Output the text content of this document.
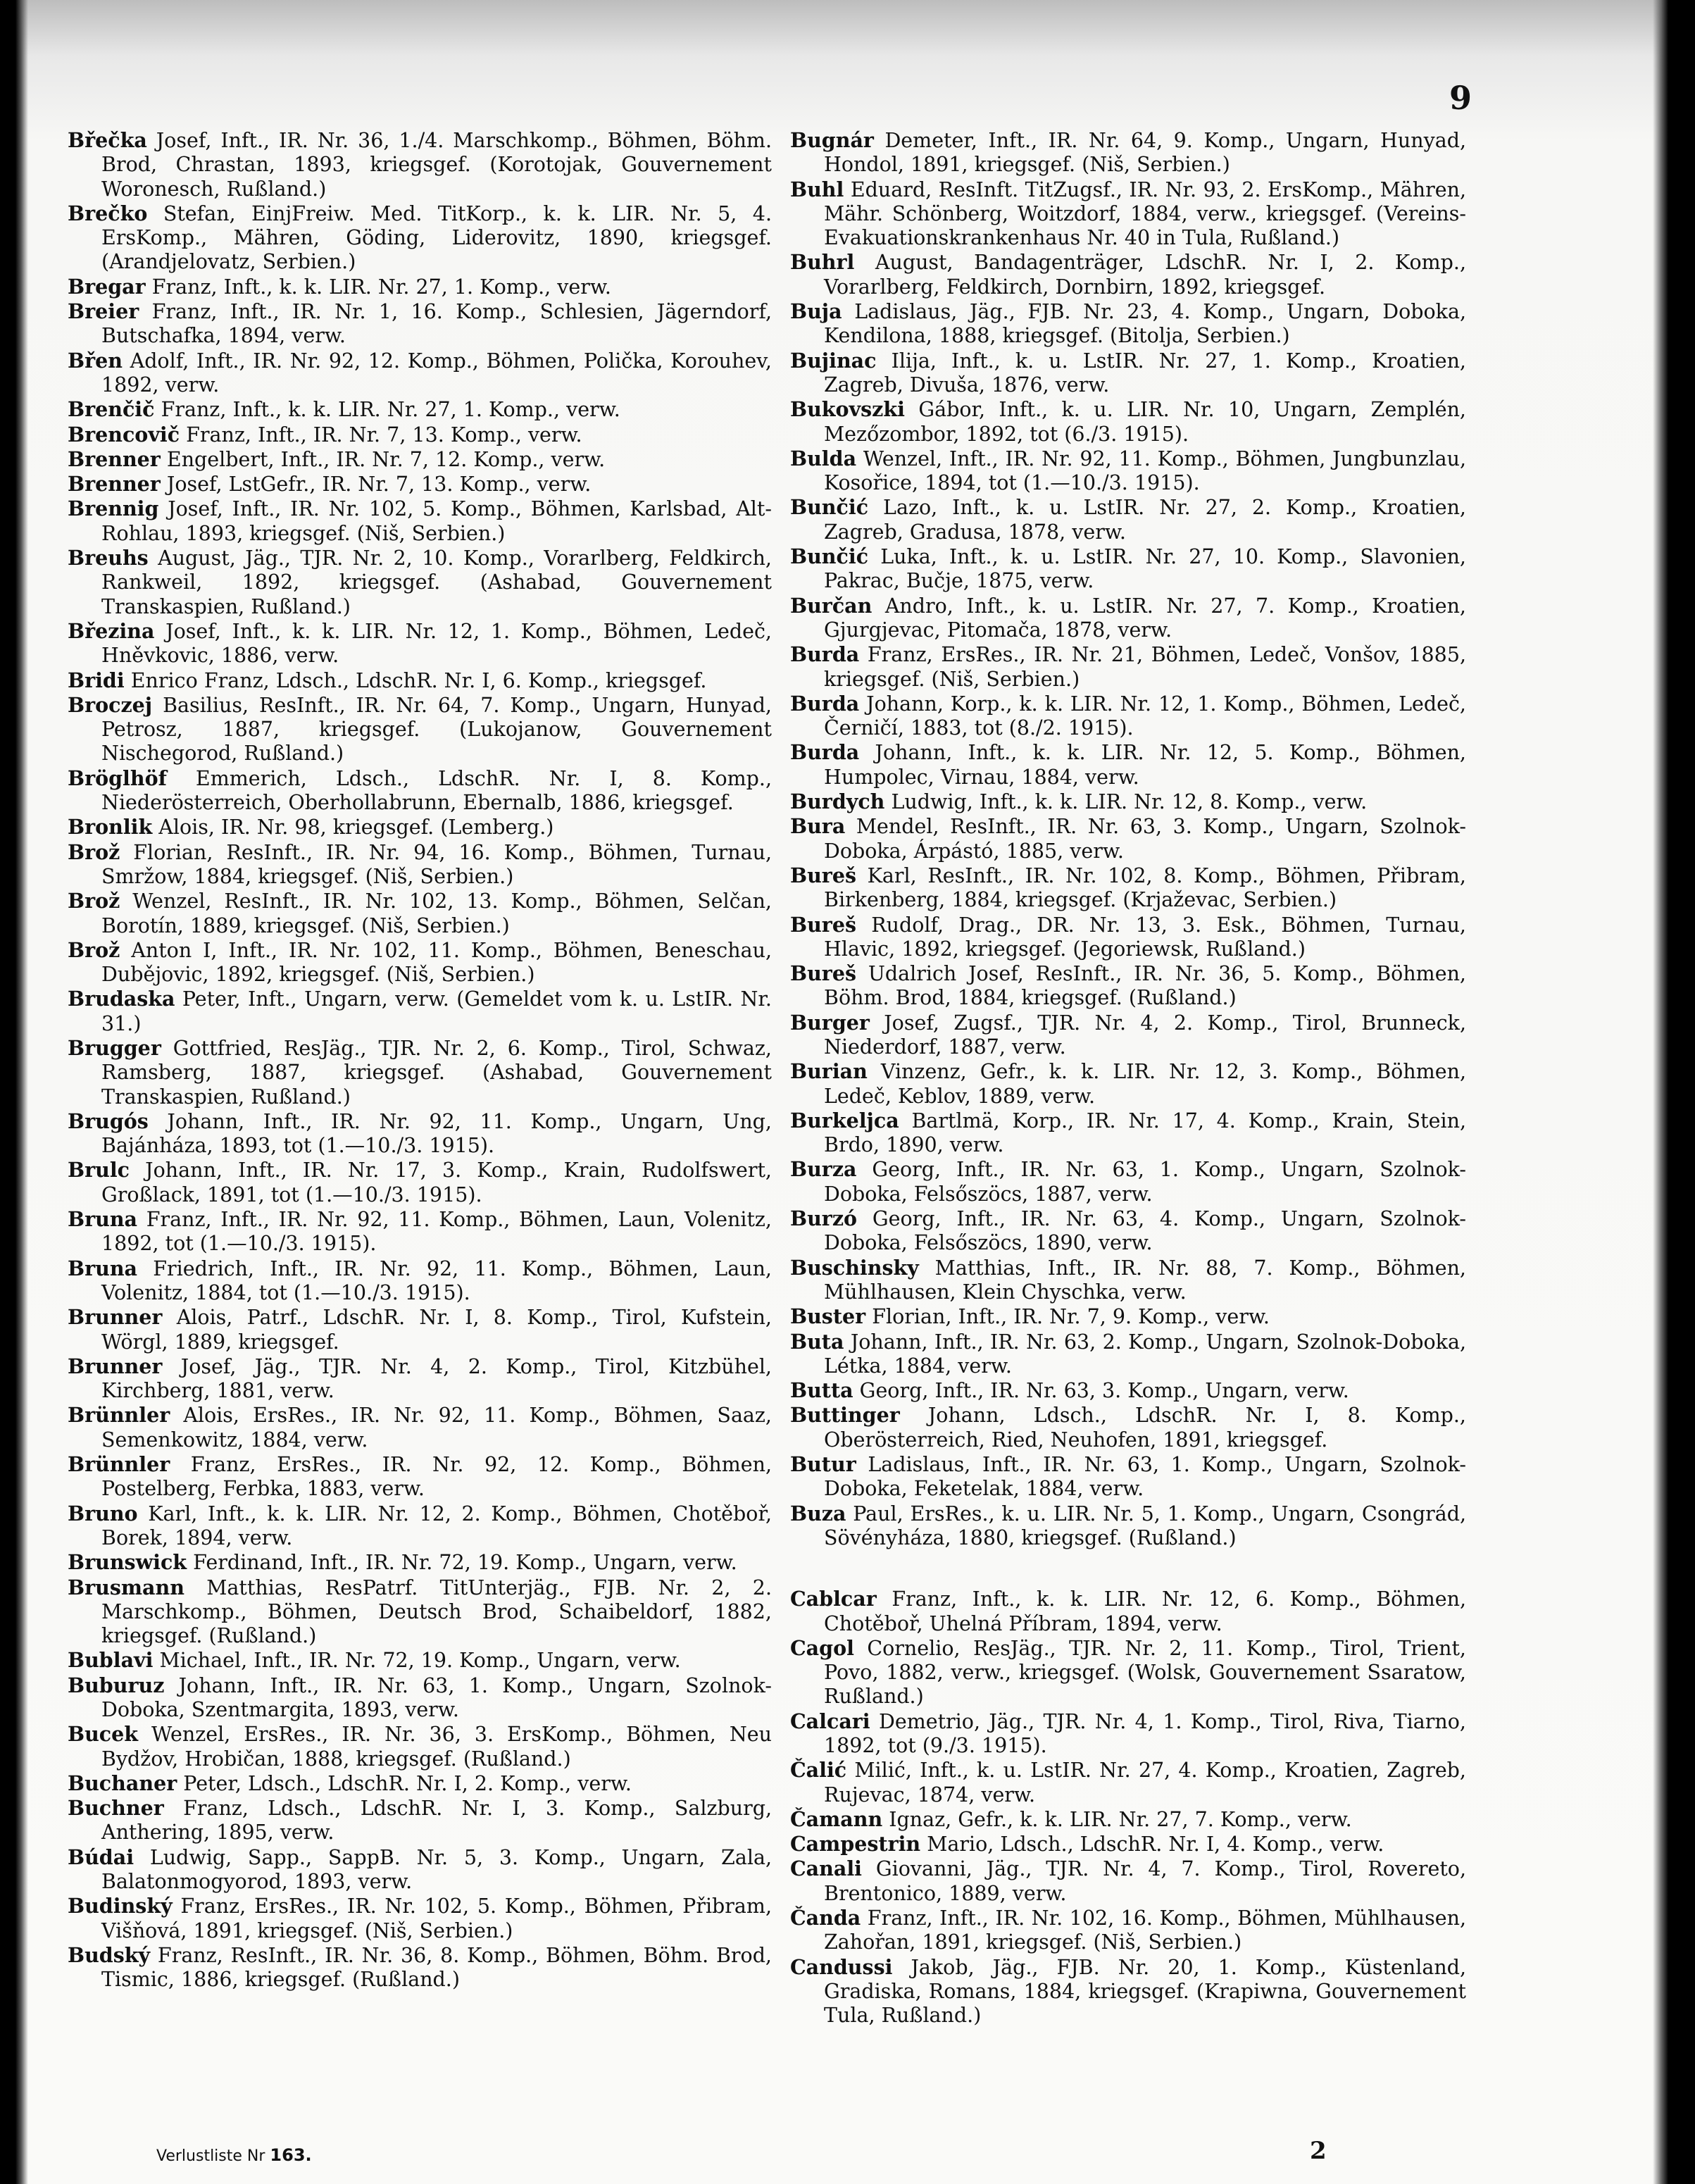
9

Břečka Josef, Inft., IR. Nr. 36, 1./4. Marschkomp., Böhmen, Böhm. Brod, Chrastan, 1893, kriegsgef. (Korotojak, Gouvernement Woronesch, Rußland.)

Brečko Stefan, EinjFreiw. Med. TitKorp., k. k. LIR. Nr. 5, 4. ErsKomp., Mähren, Göding, Liderovitz, 1890, kriegsgef. (Arandjelovatz, Serbien.)

Bregar Franz, Inft., k. k. LIR. Nr. 27, 1. Komp., verw.

Breier Franz, Inft., IR. Nr. 1, 16. Komp., Schlesien, Jägerndorf, Butschafka, 1894, verw.

Břen Adolf, Inft., IR. Nr. 92, 12. Komp., Böhmen, Polička, Korouhev, 1892, verw.

Brenčič Franz, Inft., k. k. LIR. Nr. 27, 1. Komp., verw.

Brencovič Franz, Inft., IR. Nr. 7, 13. Komp., verw.

Brenner Engelbert, Inft., IR. Nr. 7, 12. Komp., verw.

Brenner Josef, LstGefr., IR. Nr. 7, 13. Komp., verw.

Brennig Josef, Inft., IR. Nr. 102, 5. Komp., Böhmen, Karlsbad, Alt-Rohlau, 1893, kriegsgef. (Niš, Serbien.)

Breuhs August, Jäg., TJR. Nr. 2, 10. Komp., Vorarlberg, Feldkirch, Rankweil, 1892, kriegsgef. (Ashabad, Gouvernement Transkaspien, Rußland.)

Březina Josef, Inft., k. k. LIR. Nr. 12, 1. Komp., Böhmen, Ledeč, Hněvkovic, 1886, verw.

Bridi Enrico Franz, Ldsch., LdschR. Nr. I, 6. Komp., kriegsgef.

Broczej Basilius, ResInft., IR. Nr. 64, 7. Komp., Ungarn, Hunyad, Petrosz, 1887, kriegsgef. (Lukojanow, Gouvernement Nischegorod, Rußland.)

Bröglhöf Emmerich, Ldsch., LdschR. Nr. I, 8. Komp., Niederösterreich, Oberhollabrunn, Ebernalb, 1886, kriegsgef.

Bronlik Alois, IR. Nr. 98, kriegsgef. (Lemberg.)

Brož Florian, ResInft., IR. Nr. 94, 16. Komp., Böhmen, Turnau, Smržow, 1884, kriegsgef. (Niš, Serbien.)

Brož Wenzel, ResInft., IR. Nr. 102, 13. Komp., Böhmen, Selčan, Borotín, 1889, kriegsgef. (Niš, Serbien.)

Brož Anton I, Inft., IR. Nr. 102, 11. Komp., Böhmen, Beneschau, Dubějovic, 1892, kriegsgef. (Niš, Serbien.)

Brudaska Peter, Inft., Ungarn, verw. (Gemeldet vom k. u. LstIR. Nr. 31.)

Brugger Gottfried, ResJäg., TJR. Nr. 2, 6. Komp., Tirol, Schwaz, Ramsberg, 1887, kriegsgef. (Ashabad, Gouvernement Transkaspien, Rußland.)

Brugós Johann, Inft., IR. Nr. 92, 11. Komp., Ungarn, Ung, Bajánháza, 1893, tot (1.—10./3. 1915).

Brulc Johann, Inft., IR. Nr. 17, 3. Komp., Krain, Rudolfswert, Großlack, 1891, tot (1.—10./3. 1915).

Bruna Franz, Inft., IR. Nr. 92, 11. Komp., Böhmen, Laun, Volenitz, 1892, tot (1.—10./3. 1915).

Bruna Friedrich, Inft., IR. Nr. 92, 11. Komp., Böhmen, Laun, Volenitz, 1884, tot (1.—10./3. 1915).

Brunner Alois, Patrf., LdschR. Nr. I, 8. Komp., Tirol, Kufstein, Wörgl, 1889, kriegsgef.

Brunner Josef, Jäg., TJR. Nr. 4, 2. Komp., Tirol, Kitzbühel, Kirchberg, 1881, verw.

Brünnler Alois, ErsRes., IR. Nr. 92, 11. Komp., Böhmen, Saaz, Semenkowitz, 1884, verw.

Brünnler Franz, ErsRes., IR. Nr. 92, 12. Komp., Böhmen, Postelberg, Ferbka, 1883, verw.

Bruno Karl, Inft., k. k. LIR. Nr. 12, 2. Komp., Böhmen, Chotěboř, Borek, 1894, verw.

Brunswick Ferdinand, Inft., IR. Nr. 72, 19. Komp., Ungarn, verw.

Brusmann Matthias, ResPatrf. TitUnterjäg., FJB. Nr. 2, 2. Marschkomp., Böhmen, Deutsch Brod, Schaibeldorf, 1882, kriegsgef. (Rußland.)

Bublavi Michael, Inft., IR. Nr. 72, 19. Komp., Ungarn, verw.

Buburuz Johann, Inft., IR. Nr. 63, 1. Komp., Ungarn, Szolnok-Doboka, Szentmargita, 1893, verw.

Bucek Wenzel, ErsRes., IR. Nr. 36, 3. ErsKomp., Böhmen, Neu Bydžov, Hrobičan, 1888, kriegsgef. (Rußland.)

Buchaner Peter, Ldsch., LdschR. Nr. I, 2. Komp., verw.

Buchner Franz, Ldsch., LdschR. Nr. I, 3. Komp., Salzburg, Anthering, 1895, verw.

Búdai Ludwig, Sapp., SappB. Nr. 5, 3. Komp., Ungarn, Zala, Balatonmogyorod, 1893, verw.

Budinský Franz, ErsRes., IR. Nr. 102, 5. Komp., Böhmen, Přibram, Višňová, 1891, kriegsgef. (Niš, Serbien.)

Budský Franz, ResInft., IR. Nr. 36, 8. Komp., Böhmen, Böhm. Brod, Tismic, 1886, kriegsgef. (Rußland.)

Bugnár Demeter, Inft., IR. Nr. 64, 9. Komp., Ungarn, Hunyad, Hondol, 1891, kriegsgef. (Niš, Serbien.)

Buhl Eduard, ResInft. TitZugsf., IR. Nr. 93, 2. ErsKomp., Mähren, Mähr. Schönberg, Woitzdorf, 1884, verw., kriegsgef. (Vereins-Evakuationskrankenhaus Nr. 40 in Tula, Rußland.)

Buhrl August, Bandagenträger, LdschR. Nr. I, 2. Komp., Vorarlberg, Feldkirch, Dornbirn, 1892, kriegsgef.

Buja Ladislaus, Jäg., FJB. Nr. 23, 4. Komp., Ungarn, Doboka, Kendilona, 1888, kriegsgef. (Bitolja, Serbien.)

Bujinac Ilija, Inft., k. u. LstIR. Nr. 27, 1. Komp., Kroatien, Zagreb, Divuša, 1876, verw.

Bukovszki Gábor, Inft., k. u. LIR. Nr. 10, Ungarn, Zemplén, Mezőzombor, 1892, tot (6./3. 1915).

Bulda Wenzel, Inft., IR. Nr. 92, 11. Komp., Böhmen, Jungbunzlau, Kosořice, 1894, tot (1.—10./3. 1915).

Bunčić Lazo, Inft., k. u. LstIR. Nr. 27, 2. Komp., Kroatien, Zagreb, Gradusa, 1878, verw.

Bunčić Luka, Inft., k. u. LstIR. Nr. 27, 10. Komp., Slavonien, Pakrac, Bučje, 1875, verw.

Burčan Andro, Inft., k. u. LstIR. Nr. 27, 7. Komp., Kroatien, Gjurgjevac, Pitomača, 1878, verw.

Burda Franz, ErsRes., IR. Nr. 21, Böhmen, Ledeč, Vonšov, 1885, kriegsgef. (Niš, Serbien.)

Burda Johann, Korp., k. k. LIR. Nr. 12, 1. Komp., Böhmen, Ledeč, Černičí, 1883, tot (8./2. 1915).

Burda Johann, Inft., k. k. LIR. Nr. 12, 5. Komp., Böhmen, Humpolec, Virnau, 1884, verw.

Burdych Ludwig, Inft., k. k. LIR. Nr. 12, 8. Komp., verw.

Bura Mendel, ResInft., IR. Nr. 63, 3. Komp., Ungarn, Szolnok-Doboka, Árpástó, 1885, verw.

Bureš Karl, ResInft., IR. Nr. 102, 8. Komp., Böhmen, Přibram, Birkenberg, 1884, kriegsgef. (Krjaževac, Serbien.)

Bureš Rudolf, Drag., DR. Nr. 13, 3. Esk., Böhmen, Turnau, Hlavic, 1892, kriegsgef. (Jegoriewsk, Rußland.)

Bureš Udalrich Josef, ResInft., IR. Nr. 36, 5. Komp., Böhmen, Böhm. Brod, 1884, kriegsgef. (Rußland.)

Burger Josef, Zugsf., TJR. Nr. 4, 2. Komp., Tirol, Brunneck, Niederdorf, 1887, verw.

Burian Vinzenz, Gefr., k. k. LIR. Nr. 12, 3. Komp., Böhmen, Ledeč, Keblov, 1889, verw.

Burkeljca Bartlmä, Korp., IR. Nr. 17, 4. Komp., Krain, Stein, Brdo, 1890, verw.

Burza Georg, Inft., IR. Nr. 63, 1. Komp., Ungarn, Szolnok-Doboka, Felsőszöcs, 1887, verw.

Burzó Georg, Inft., IR. Nr. 63, 4. Komp., Ungarn, Szolnok-Doboka, Felsőszöcs, 1890, verw.

Buschinsky Matthias, Inft., IR. Nr. 88, 7. Komp., Böhmen, Mühlhausen, Klein Chyschka, verw.

Buster Florian, Inft., IR. Nr. 7, 9. Komp., verw.

Buta Johann, Inft., IR. Nr. 63, 2. Komp., Ungarn, Szolnok-Doboka, Létka, 1884, verw.

Butta Georg, Inft., IR. Nr. 63, 3. Komp., Ungarn, verw.

Buttinger Johann, Ldsch., LdschR. Nr. I, 8. Komp., Oberösterreich, Ried, Neuhofen, 1891, kriegsgef.

Butur Ladislaus, Inft., IR. Nr. 63, 1. Komp., Ungarn, Szolnok-Doboka, Feketelak, 1884, verw.

Buza Paul, ErsRes., k. u. LIR. Nr. 5, 1. Komp., Ungarn, Csongrád, Sövényháza, 1880, kriegsgef. (Rußland.)

Cablcar Franz, Inft., k. k. LIR. Nr. 12, 6. Komp., Böhmen, Chotěboř, Uhelná Příbram, 1894, verw.

Cagol Cornelio, ResJäg., TJR. Nr. 2, 11. Komp., Tirol, Trient, Povo, 1882, verw., kriegsgef. (Wolsk, Gouvernement Ssaratow, Rußland.)

Calcari Demetrio, Jäg., TJR. Nr. 4, 1. Komp., Tirol, Riva, Tiarno, 1892, tot (9./3. 1915).

Čalić Milić, Inft., k. u. LstIR. Nr. 27, 4. Komp., Kroatien, Zagreb, Rujevac, 1874, verw.

Čamann Ignaz, Gefr., k. k. LIR. Nr. 27, 7. Komp., verw.

Campestrin Mario, Ldsch., LdschR. Nr. I, 4. Komp., verw.

Canali Giovanni, Jäg., TJR. Nr. 4, 7. Komp., Tirol, Rovereto, Brentonico, 1889, verw.

Čanda Franz, Inft., IR. Nr. 102, 16. Komp., Böhmen, Mühlhausen, Zahořan, 1891, kriegsgef. (Niš, Serbien.)

Candussi Jakob, Jäg., FJB. Nr. 20, 1. Komp., Küstenland, Gradiska, Romans, 1884, kriegsgef. (Krapiwna, Gouvernement Tula, Rußland.)

Verlustliste Nr 163.	2
